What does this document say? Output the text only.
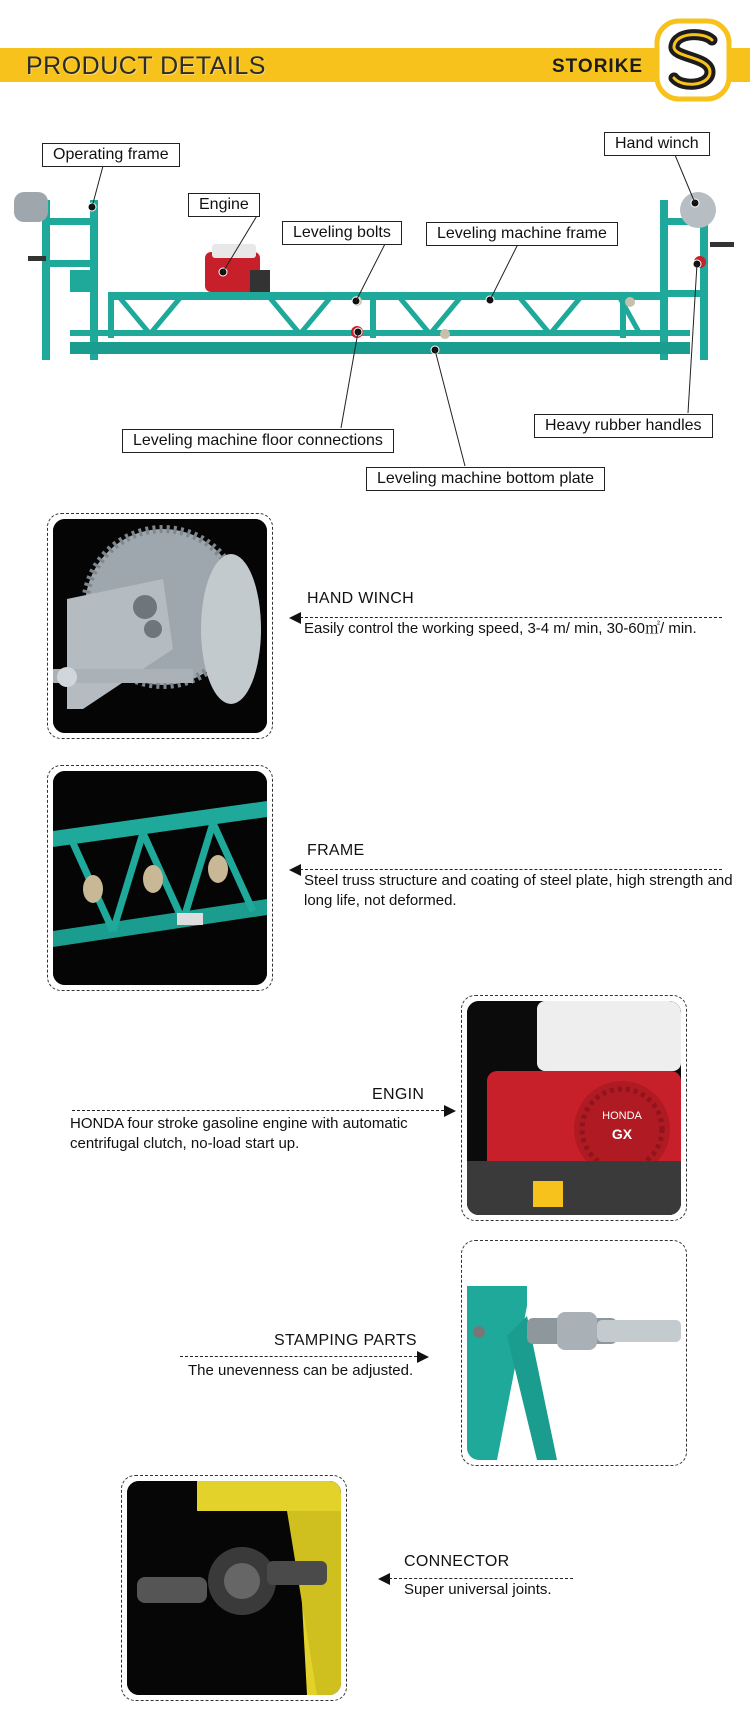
PRODUCT DETAILS	STORIKE
Operating frame
Hand winch
Engine
Leveling bolts	Leveling machine frame
Heavy rubber handles
Leveling machine floor connections
Leveling machine bottom plate
HAND WINCH
Easily control the working speed, 3-4 m/ min, 30-60㎡/ min.
FRAME
Steel truss structure and coating of steel plate, high strength and long life, not deformed.
HONDA
GX
ENGIN
HONDA four stroke gasoline engine with automatic centrifugal clutch, no-load start up.
STAMPING PARTS
The unevenness can be adjusted.
CONNECTOR
Super universal joints.
